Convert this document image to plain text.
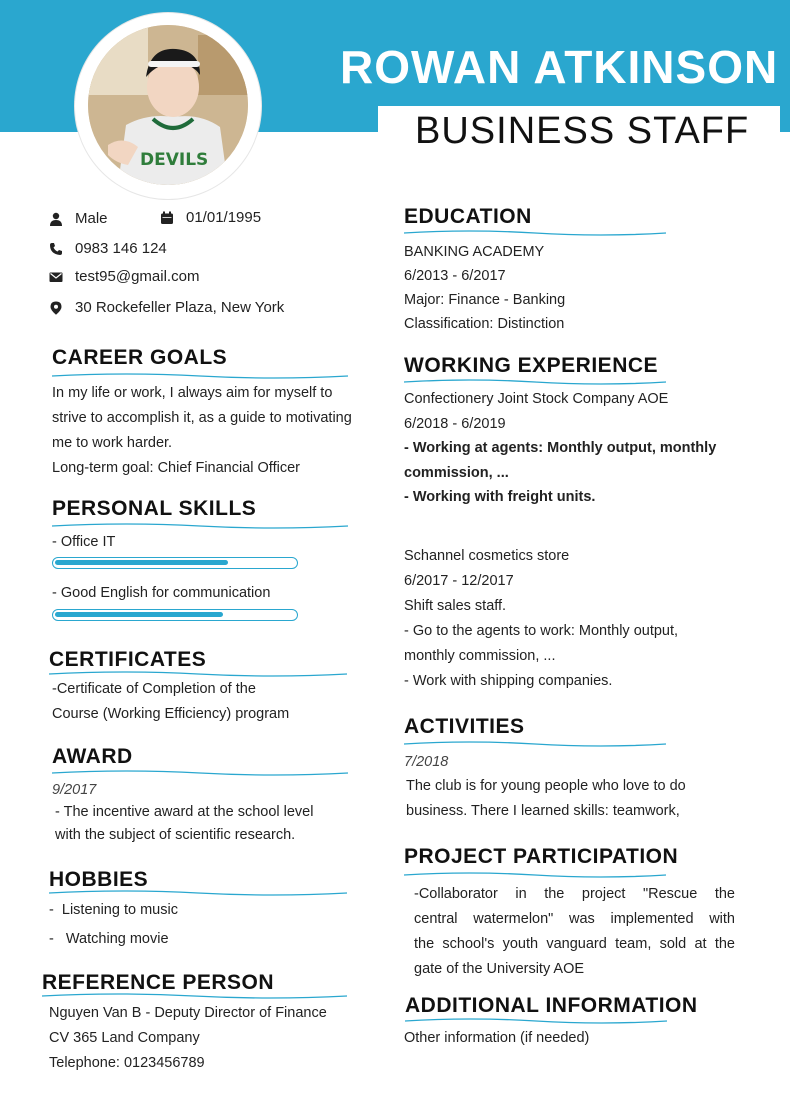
ROWAN ATKINSON
BUSINESS STAFF
DEVILS
Male	01/01/1995
0983 146 124
test95@gmail.com
30 Rockefeller Plaza, New York
CAREER GOALS
In my life or work, I always aim for myself to
strive to accomplish it, as a guide to motivating
me to work harder.
Long-term goal: Chief Financial Officer
PERSONAL SKILLS
- Office IT
- Good English for communication
CERTIFICATES
-Certificate of Completion of the
Course (Working Efficiency) program
AWARD
9/2017
- The incentive award at the school level
with the subject of scientific research.
HOBBIES
-  Listening to music
-   Watching movie
REFERENCE PERSON
Nguyen Van B - Deputy Director of Finance
CV 365 Land Company
Telephone: 0123456789
EDUCATION
BANKING ACADEMY
6/2013 - 6/2017
Major: Finance - Banking
Classification: Distinction
WORKING EXPERIENCE
Confectionery Joint Stock Company AOE
6/2018 - 6/2019
- Working at agents: Monthly output, monthly
commission, ...
- Working with freight units.
Schannel cosmetics store
6/2017 - 12/2017
Shift sales staff.
- Go to the agents to work: Monthly output,
monthly commission, ...
- Work with shipping companies.
ACTIVITIES
7/2018
The club is for young people who love to do
business. There I learned skills: teamwork,
PROJECT PARTICIPATION
-Collaborator in the project "Rescue the
central watermelon" was implemented with
the school's youth vanguard team, sold at the
gate of the University AOE
ADDITIONAL INFORMATION
Other information (if needed)
